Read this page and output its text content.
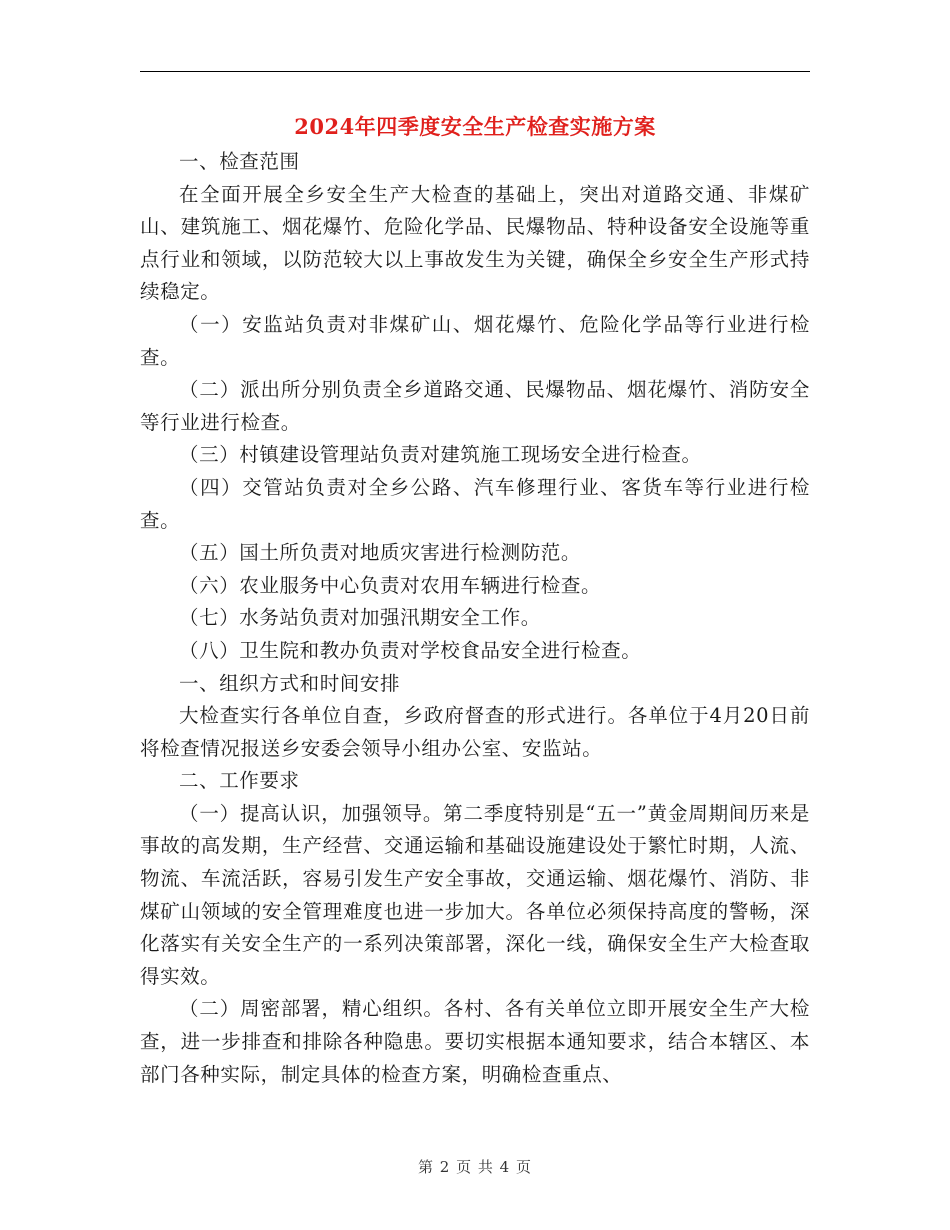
2024年四季度安全生产检查实施方案

一、检查范围

在全面开展全乡安全生产大检查的基础上，突出对道路交通、非煤矿山、建筑施工、烟花爆竹、危险化学品、民爆物品、特种设备安全设施等重点行业和领域，以防范较大以上事故发生为关键，确保全乡安全生产形式持续稳定。

（一）安监站负责对非煤矿山、烟花爆竹、危险化学品等行业进行检查。

（二）派出所分别负责全乡道路交通、民爆物品、烟花爆竹、消防安全等行业进行检查。

（三）村镇建设管理站负责对建筑施工现场安全进行检查。

（四）交管站负责对全乡公路、汽车修理行业、客货车等行业进行检查。

（五）国土所负责对地质灾害进行检测防范。

（六）农业服务中心负责对农用车辆进行检查。

（七）水务站负责对加强汛期安全工作。

（八）卫生院和教办负责对学校食品安全进行检查。

一、组织方式和时间安排

大检查实行各单位自查，乡政府督查的形式进行。各单位于4月20日前将检查情况报送乡安委会领导小组办公室、安监站。

二、工作要求

（一）提高认识，加强领导。第二季度特别是“五一”黄金周期间历来是事故的高发期，生产经营、交通运输和基础设施建设处于繁忙时期，人流、物流、车流活跃，容易引发生产安全事故，交通运输、烟花爆竹、消防、非煤矿山领域的安全管理难度也进一步加大。各单位必须保持高度的警畅，深化落实有关安全生产的一系列决策部署，深化一线，确保安全生产大检查取得实效。

（二）周密部署，精心组织。各村、各有关单位立即开展安全生产大检查，进一步排查和排除各种隐患。要切实根据本通知要求，结合本辖区、本部门各种实际，制定具体的检查方案，明确检查重点、

第 2 页 共 4 页
